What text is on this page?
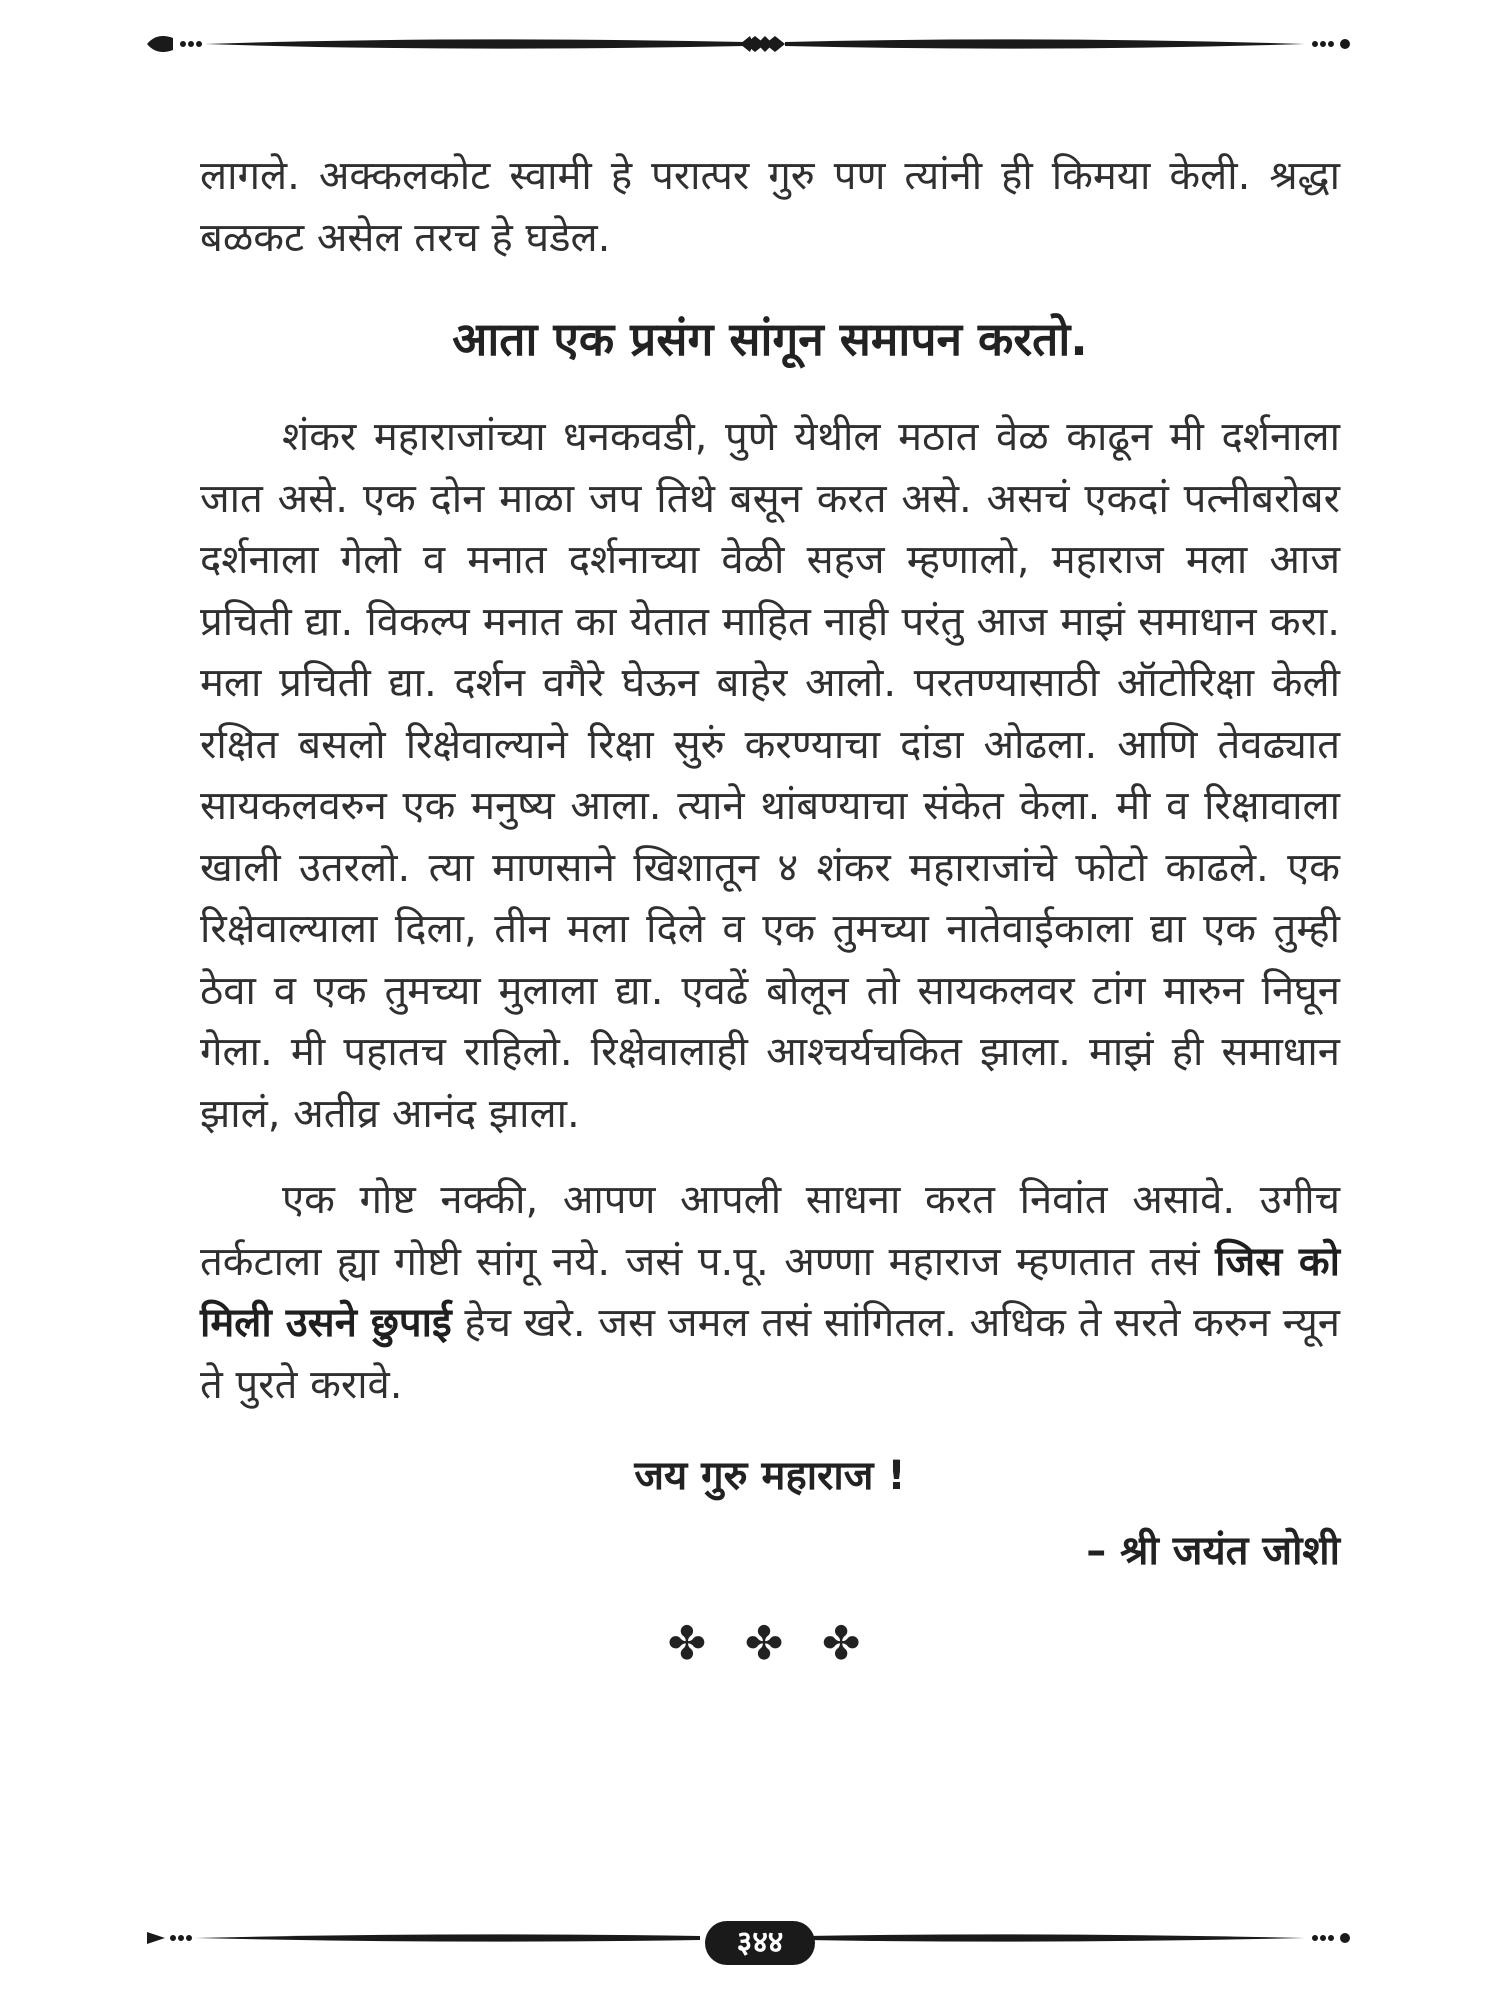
लागले. अक्कलकोट स्वामी हे परात्पर गुरु पण त्यांनी ही किमया केली. श्रद्धा बळकट असेल तरच हे घडेल.

आता एक प्रसंग सांगून समापन करतो.

शंकर महाराजांच्या धनकवडी, पुणे येथील मठात वेळ काढून मी दर्शनाला जात असे. एक दोन माळा जप तिथे बसून करत असे. असचं एकदां पत्नीबरोबर दर्शनाला गेलो व मनात दर्शनाच्या वेळी सहज म्हणालो, महाराज मला आज प्रचिती द्या. विकल्प मनात का येतात माहित नाही परंतु आज माझं समाधान करा. मला प्रचिती द्या. दर्शन वगैरे घेऊन बाहेर आलो. परतण्यासाठी ऑटोरिक्षा केली रक्षित बसलो रिक्षेवाल्याने रिक्षा सुरुं करण्याचा दांडा ओढला. आणि तेवढ्यात सायकलवरुन एक मनुष्य आला. त्याने थांबण्याचा संकेत केला. मी व रिक्षावाला खाली उतरलो. त्या माणसाने खिशातून ४ शंकर महाराजांचे फोटो काढले. एक रिक्षेवाल्याला दिला, तीन मला दिले व एक तुमच्या नातेवाईकाला द्या एक तुम्ही ठेवा व एक तुमच्या मुलाला द्या. एवढें बोलून तो सायकलवर टांग मारुन निघून गेला. मी पहातच राहिलो. रिक्षेवालाही आश्चर्यचकित झाला. माझं ही समाधान झालं, अतीव्र आनंद झाला.

एक गोष्ट नक्की, आपण आपली साधना करत निवांत असावे. उगीच तर्कटाला ह्या गोष्टी सांगू नये. जसं प.पू. अण्णा महाराज म्हणतात तसं जिस को मिली उसने छुपाई हेच खरे. जस जमल तसं सांगितल. अधिक ते सरते करुन न्यून ते पुरते करावे.

जय गुरु महाराज !

– श्री जयंत जोशी

✤ ✤ ✤

३४४
